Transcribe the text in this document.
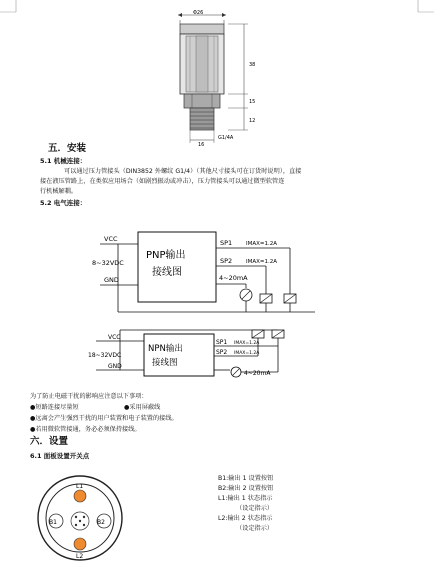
Φ26
38
15
12
G1/4A
16
五．安装
5.1 机械连接：
可以通过压力管接头（DIN3852 外螺纹 G1/4）（其他尺寸接头可在订货时说明），直接
接在液压管路上，在类似应用场合（如剧烈振动或冲击），压力管接头可以通过微型软管连
行机械解耦。
5.2 电气连接：
VCC
8~32VDC
GND
PNP输出
接线图
SP1	IMAX=1.2A
SP2	IMAX=1.2A
4~20mA
VCC
18~32VDC
GND
NPN输出
接线图
SP1 IMAX=1.2A
SP2 IMAX=1.2A
4~20mA
为了防止电磁干扰的影响应注意以下事项：
●短路连接尽量短	●采用屏蔽线
●远离会产生强烈干扰的用户装置和电子装置的接线。
●若用微软管接通，务必必须保持接线。
六．设置
6.1 面板设置开关点
L1
L2
B1	B2
B1:输出 1 设置按钮
B2:输出 2 设置按钮
L1:输出 1 状态指示
（设定指示）
L2:输出 2 状态指示
（设定指示）
